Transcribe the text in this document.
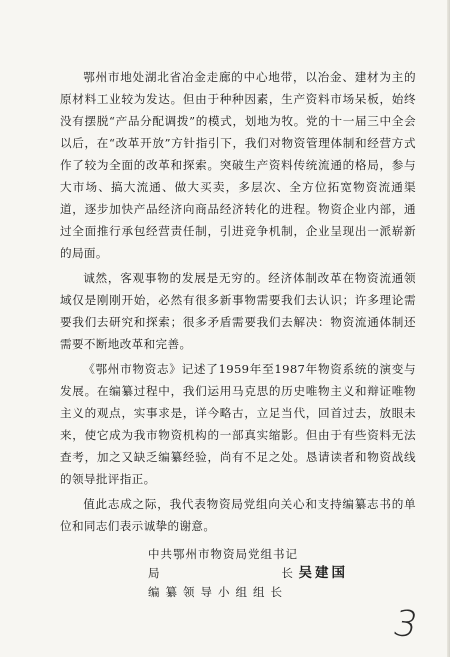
鄂州市地处湖北省冶金走廊的中心地带，以冶金、建材为主的原材料工业较为发达。但由于种种因素，生产资料市场呆板，始终没有摆脱“产品分配调拨”的模式，划地为牧。党的十一届三中全会以后，在“改革开放”方针指引下，我们对物资管理体制和经营方式作了较为全面的改革和探索。突破生产资料传统流通的格局，参与大市场、搞大流通、做大买卖，多层次、全方位拓宽物资流通渠道，逐步加快产品经济向商品经济转化的进程。物资企业内部，通过全面推行承包经营责任制，引进竞争机制，企业呈现出一派崭新的局面。

诚然，客观事物的发展是无穷的。经济体制改革在物资流通领域仅是刚刚开始，必然有很多新事物需要我们去认识；许多理论需要我们去研究和探索；很多矛盾需要我们去解决：物资流通体制还需要不断地改革和完善。

《鄂州市物资志》记述了1959年至1987年物资系统的演变与发展。在编纂过程中，我们运用马克思的历史唯物主义和辩证唯物主义的观点，实事求是，详今略古，立足当代，回首过去，放眼未来，使它成为我市物资机构的一部真实缩影。但由于有些资料无法查考，加之又缺乏编纂经验，尚有不足之处。恳请读者和物资战线的领导批评指正。

值此志成之际，我代表物资局党组向关心和支持编纂志书的单位和同志们表示诚挚的谢意。

中共鄂州市物资局党组书记
局	长 吴建国
编纂领导小组组长
3
